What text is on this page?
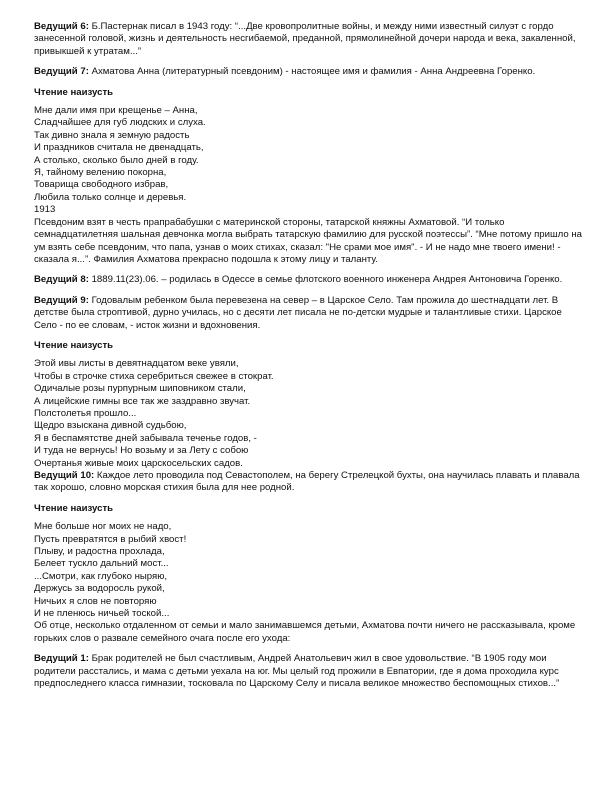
Ведущий 6: Б.Пастернак писал в 1943 году: “...Две кровопролитные войны, и между ними известный силуэт с гордо занесенной головой, жизнь и деятельность несгибаемой, преданной, прямолинейной дочери народа и века, закаленной, привыкшей к утратам...”

Ведущий 7: Ахматова Анна (литературный псевдоним) - настоящее имя и фамилия - Анна Андреевна Горенко.

Чтение наизусть
Мне дали имя при крещенье – Анна,
Сладчайшее для губ людских и слуха.
Так дивно знала я земную радость
И праздников считала не двенадцать,
А столько, сколько было дней в году.
Я, тайному велению покорна,
Товарища свободного избрав,
Любила только солнце и деревья.
1913

Псевдоним взят в честь прапрабабушки с материнской стороны, татарской княжны Ахматовой. “И только семнадцатилетняя шальная девчонка могла выбрать татарскую фамилию для русской поэтессы”. “Мне потому пришло на ум взять себе псевдоним, что папа, узнав о моих стихах, сказал: "Не срами мое имя". - И не надо мне твоего имени! - сказала я...”. Фамилия Ахматова прекрасно подошла к этому лицу и таланту.

Ведущий 8: 1889.11(23).06. – родилась в Одессе в семье флотского военного инженера Андрея Антоновича Горенко.

Ведущий 9: Годовалым ребенком была перевезена на север – в Царское Село. Там прожила до шестнадцати лет. В детстве была строптивой, дурно училась, но с десяти лет писала не по-детски мудрые и талантливые стихи. Царское Село - по ее словам, - исток жизни и вдохновения.

Чтение наизусть
Этой ивы листы в девятнадцатом веке увяли,
Чтобы в строчке стиха серебриться свежее в стократ.
Одичалые розы пурпурным шиповником стали,
А лицейские гимны все так же заздравно звучат.
Полстолетья прошло...
Щедро взыскана дивной судьбою,
Я в беспамятстве дней забывала теченье годов, -
И туда не вернусь! Но возьму и за Лету с собою
Очертанья живые моих царскосельских садов.

Ведущий 10: Каждое лето проводила под Севастополем, на берегу Стрелецкой бухты, она научилась плавать и плавала так хорошо, словно морская стихия была для нее родной.

Чтение наизусть
Мне больше ног моих не надо,
Пусть превратятся в рыбий хвост!
Плыву, и радостна прохлада,
Белеет тускло дальний мост...
...Смотри, как глубоко ныряю,
Держусь за водоросль рукой,
Ничьих я слов не повторяю
И не пленюсь ничьей тоской...

Об отце, несколько отдаленном от семьи и мало занимавшемся детьми, Ахматова почти ничего не рассказывала, кроме горьких слов о развале семейного очага после его ухода:

Ведущий 1: Брак родителей не был счастливым, Андрей Анатольевич жил в свое удовольствие. “В 1905 году мои родители расстались, и мама с детьми уехала на юг. Мы целый год прожили в Евпатории, где я дома проходила курс предпоследнего класса гимназии, тосковала по Царскому Селу и писала великое множество беспомощных стихов...”
